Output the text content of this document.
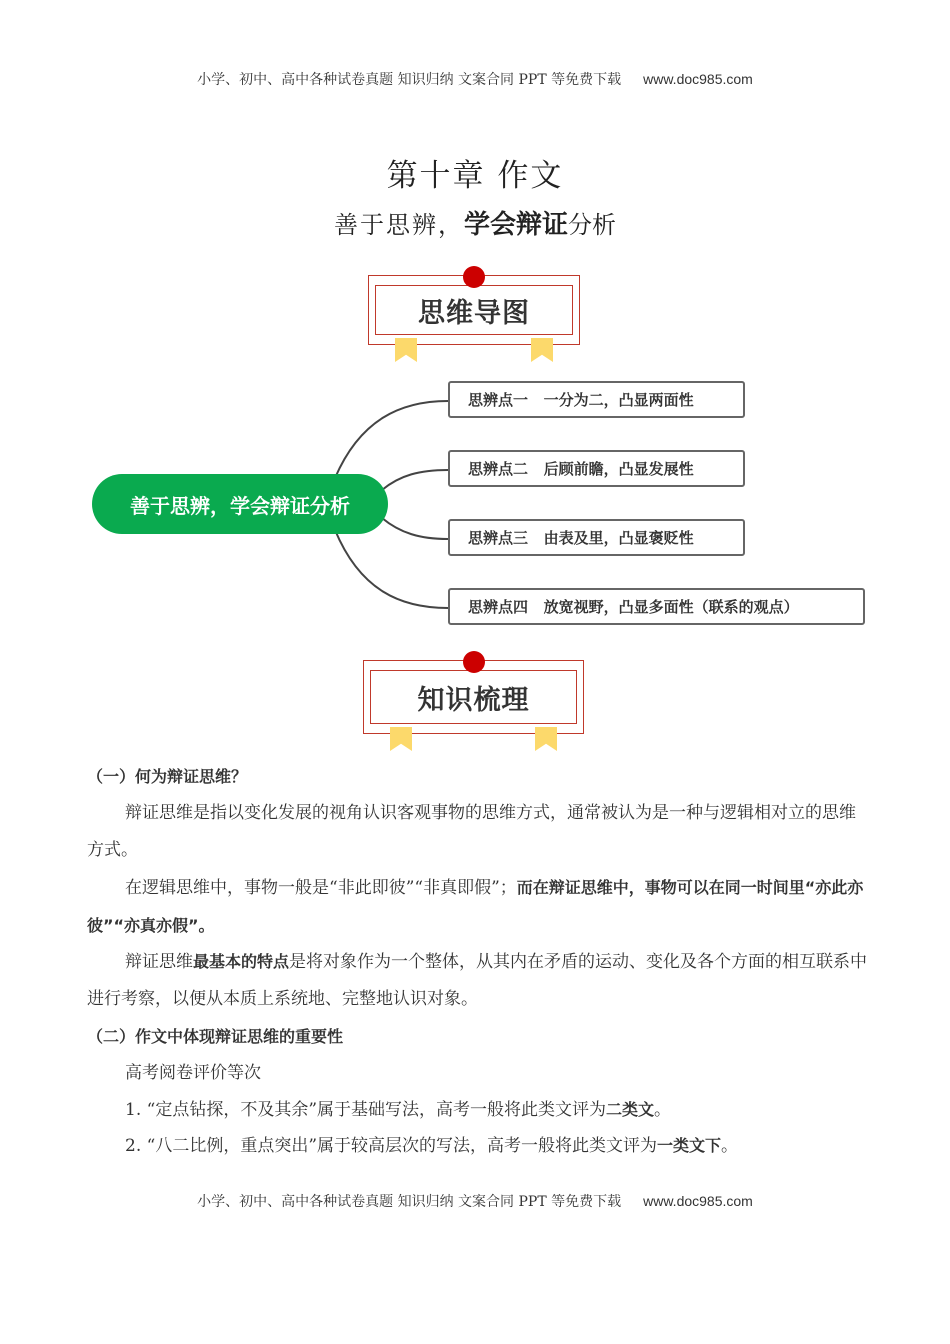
小学、初中、高中各种试卷真题 知识归纳 文案合同 PPT 等免费下载 www.doc985.com
第十章 作文
善于思辨，学会辩证分析
思维导图
善于思辨，学会辩证分析
思辨点一   一分为二，凸显两面性
思辨点二   后顾前瞻，凸显发展性
思辨点三   由表及里，凸显褒贬性
思辨点四   放宽视野，凸显多面性（联系的观点）
知识梳理
（一）何为辩证思维？
辩证思维是指以变化发展的视角认识客观事物的思维方式，通常被认为是一种与逻辑相对立的思维方式。
在逻辑思维中，事物一般是“非此即彼”“非真即假”；而在辩证思维中，事物可以在同一时间里“亦此亦彼”“亦真亦假”。
辩证思维最基本的特点是将对象作为一个整体，从其内在矛盾的运动、变化及各个方面的相互联系中进行考察，以便从本质上系统地、完整地认识对象。
（二）作文中体现辩证思维的重要性
高考阅卷评价等次
1. “定点钻探，不及其余”属于基础写法，高考一般将此类文评为二类文。
2. “八二比例，重点突出”属于较高层次的写法，高考一般将此类文评为一类文下。
小学、初中、高中各种试卷真题 知识归纳 文案合同 PPT 等免费下载 www.doc985.com
